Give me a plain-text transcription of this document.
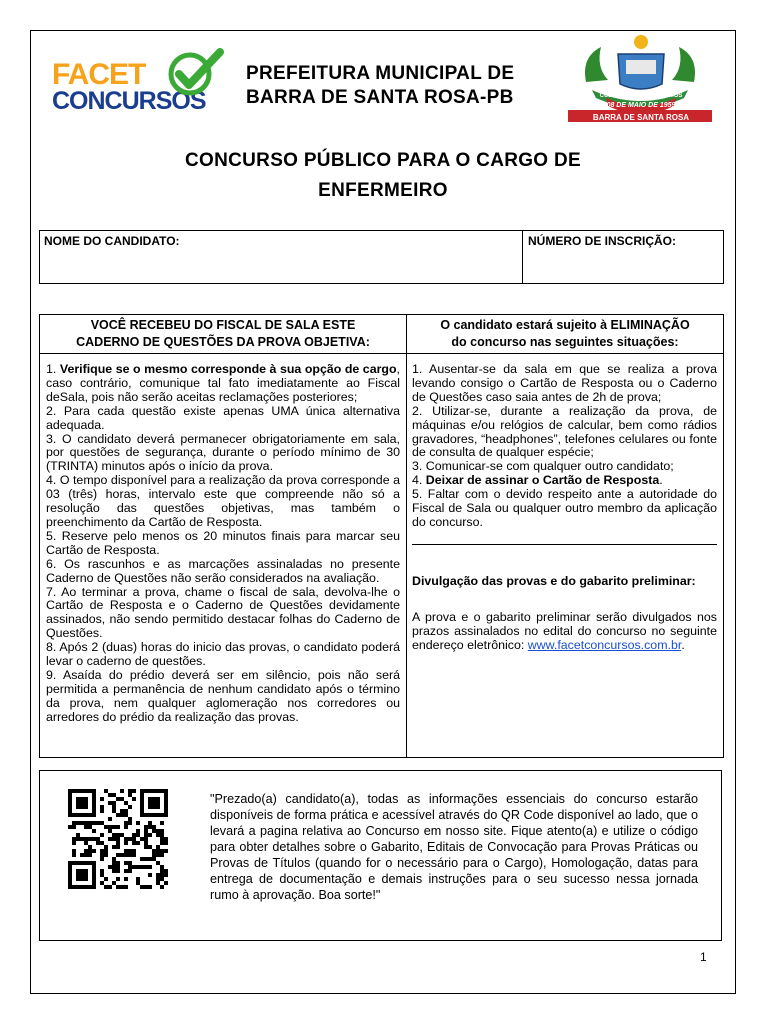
FACET
CONCURSOS
PREFEITURA MUNICIPAL DE
BARRA DE SANTA ROSA-PB	CULTIVANDO VENCEREMOS
08 DE MAIO DE 1959
BARRA DE SANTA ROSA
CONCURSO PÚBLICO PARA O CARGO DE
ENFERMEIRO
NOME DO CANDIDATO:	NÚMERO DE INSCRIÇÃO:
VOCÊ RECEBEU DO FISCAL DE SALA ESTE
CADERNO DE QUESTÕES DA PROVA OBJETIVA:
O candidato estará sujeito à ELIMINAÇÃO
do concurso nas seguintes situações:

1. Verifique se o mesmo corresponde à sua opção de cargo, caso contrário, comunique tal fato imediatamente ao Fiscal deSala, pois não serão aceitas reclamações posteriores;

2. Para cada questão existe apenas UMA única alternativa adequada.

3. O candidato deverá permanecer obrigatoriamente em sala, por questões de segurança, durante o período mínimo de 30 (TRINTA) minutos após o início da prova.

4. O tempo disponível para a realização da prova corresponde a 03 (três) horas, intervalo este que compreende não só a resolução das questões objetivas, mas também o preenchimento da Cartão de Resposta.

5. Reserve pelo menos os 20 minutos finais para marcar seu Cartão de Resposta.

6. Os rascunhos e as marcações assinaladas no presente Caderno de Questões não serão considerados na avaliação.

7. Ao terminar a prova, chame o fiscal de sala, devolva-lhe o Cartão de Resposta e o Caderno de Questões devidamente assinados, não sendo permitido destacar folhas do Caderno de Questões.

8. Após 2 (duas) horas do inicio das provas, o candidato poderá levar o caderno de questões.

9. Asaída do prédio deverá ser em silêncio, pois não será permitida a permanência de nenhum candidato após o término da prova, nem qualquer aglomeração nos corredores ou arredores do prédio da realização das provas.

1. Ausentar-se da sala em que se realiza a prova levando consigo o Cartão de Resposta ou o Caderno de Questões caso saia antes de 2h de prova;

2. Utilizar-se, durante a realização da prova, de máquinas e/ou relógios de calcular, bem como rádios gravadores, “headphones”, telefones celulares ou fonte de consulta de qualquer espécie;

3. Comunicar-se com qualquer outro candidato;

4. Deixar de assinar o Cartão de Resposta.

5. Faltar com o devido respeito ante a autoridade do Fiscal de Sala ou qualquer outro membro da aplicação do concurso.

Divulgação das provas e do gabarito preliminar:

A prova e o gabarito preliminar serão divulgados nos prazos assinalados no edital do concurso no seguinte endereço eletrônico: www.facetconcursos.com.br.

"Prezado(a) candidato(a), todas as informações essenciais do concurso estarão disponíveis de forma prática e acessível através do QR Code disponível ao lado, que o levará a pagina relativa ao Concurso em nosso site. Fique atento(a) e utilize o código para obter detalhes sobre o Gabarito, Editais de Convocação para Provas Práticas ou Provas de Títulos (quando for o necessário para o Cargo), Homologação, datas para entrega de documentação e demais instruções para o seu sucesso nessa jornada rumo à aprovação. Boa sorte!"
1
